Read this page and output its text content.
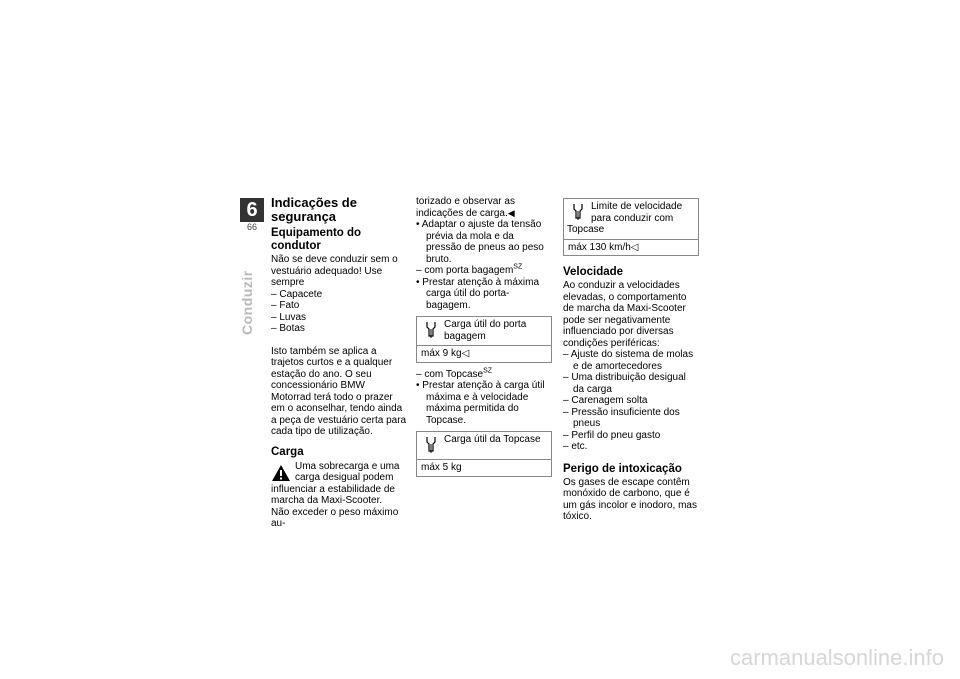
6
66
Conduzir
Indicações de segurança
Equipamento do condutor

Não se deve conduzir sem o vestuário adequado! Use sempre

– Capacete
– Fato
– Luvas
– Botas

Isto também se aplica a trajetos curtos e a qualquer estação do ano. O seu concessionário BMW Motorrad terá todo o prazer em o aconselhar, tendo ainda a peça de vestuário certa para cada tipo de utilização.

Carga

Uma sobrecarga e uma carga desigual podem influenciar a estabilidade de marcha da Maxi-Scooter.

Não exceder o peso máximo au-

torizado e observar as indicações de carga.◀

• Adaptar o ajuste da tensão prévia da mola e da pressão de pneus ao peso bruto.
– com porta bagagem$^{SZ}$
• Prestar atenção à máxima carga útil do porta-bagagem.
Carga útil do porta bagagem
máx 9 kg◁
– com Topcase$^{SZ}$
• Prestar atenção à carga útil máxima e à velocidade máxima permitida do Topcase.
Carga útil da Topcase
máx 5 kg
Limite de velocidade para conduzir com Topcase
máx 130 km/h◁
Velocidade

Ao conduzir a velocidades elevadas, o comportamento de marcha da Maxi-Scooter pode ser negativamente influenciado por diversas condições periféricas:

– Ajuste do sistema de molas e de amortecedores
– Uma distribuição desigual da carga
– Carenagem solta
– Pressão insuficiente dos pneus
– Perfil do pneu gasto
– etc.
Perigo de intoxicação

Os gases de escape contêm monóxido de carbono, que é um gás incolor e inodoro, mas tóxico.

carmanualsonline.info
